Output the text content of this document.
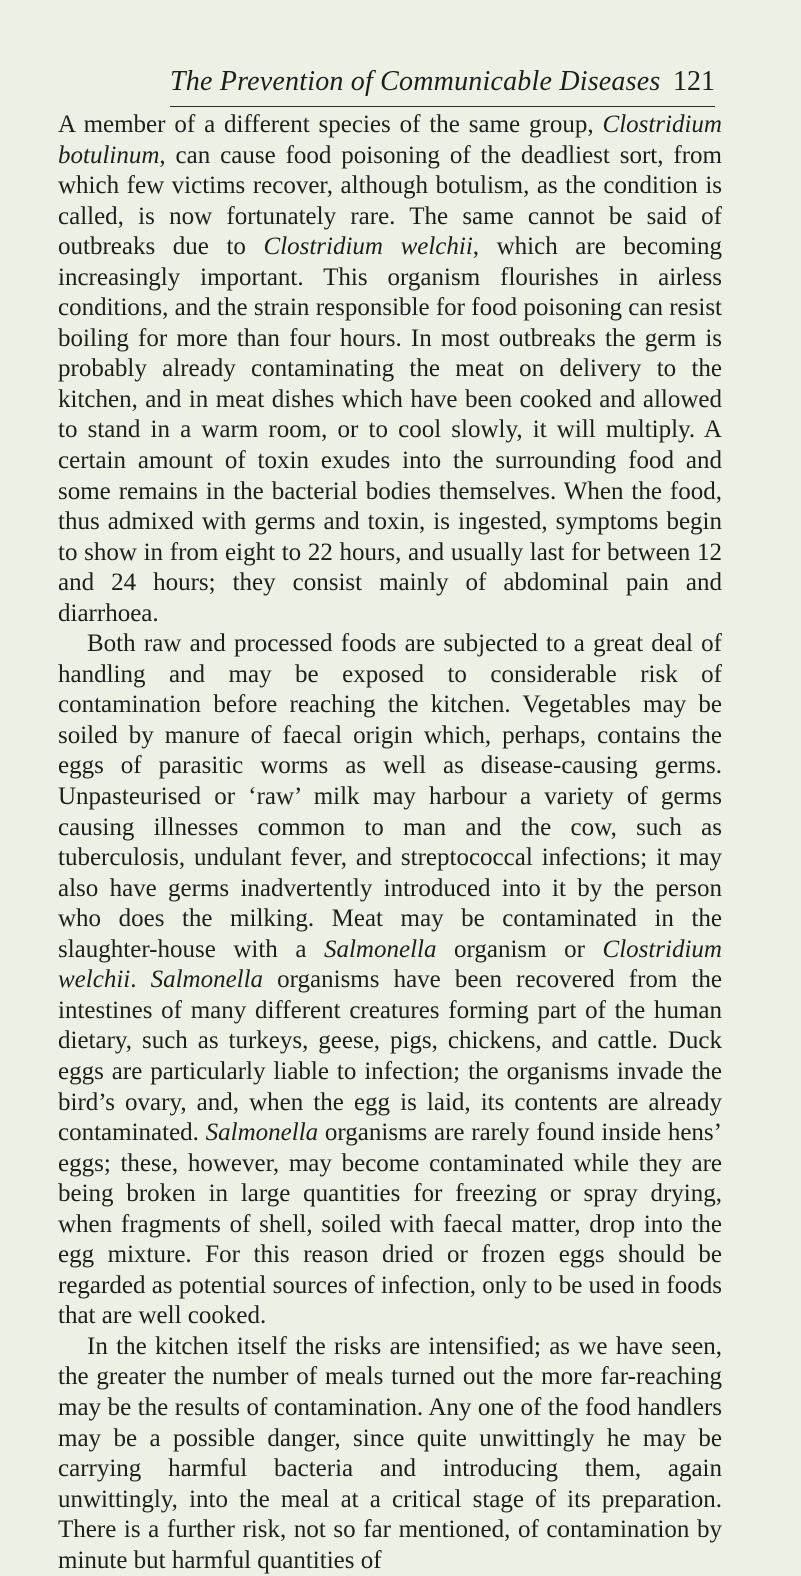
The Prevention of Communicable Diseases 121

A member of a different species of the same group, Clostridium botulinum, can cause food poisoning of the deadliest sort, from which few victims recover, although botulism, as the condition is called, is now fortunately rare. The same cannot be said of outbreaks due to Clostridium welchii, which are becoming increasingly important. This organism flourishes in airless conditions, and the strain responsible for food poisoning can resist boiling for more than four hours. In most outbreaks the germ is probably already contaminating the meat on delivery to the kitchen, and in meat dishes which have been cooked and allowed to stand in a warm room, or to cool slowly, it will multiply. A certain amount of toxin exudes into the surrounding food and some remains in the bacterial bodies themselves. When the food, thus admixed with germs and toxin, is ingested, symptoms begin to show in from eight to 22 hours, and usually last for between 12 and 24 hours; they consist mainly of abdominal pain and diarrhoea.

Both raw and processed foods are subjected to a great deal of handling and may be exposed to considerable risk of contamination before reaching the kitchen. Vegetables may be soiled by manure of faecal origin which, perhaps, contains the eggs of parasitic worms as well as disease-causing germs. Unpasteurised or ‘raw’ milk may harbour a variety of germs causing illnesses common to man and the cow, such as tuberculosis, undulant fever, and streptococcal infections; it may also have germs inadvertently introduced into it by the person who does the milking. Meat may be contaminated in the slaughter-house with a Salmonella organism or Clostridium welchii. Salmonella organisms have been recovered from the intestines of many different creatures forming part of the human dietary, such as turkeys, geese, pigs, chickens, and cattle. Duck eggs are particularly liable to infection; the organisms invade the bird’s ovary, and, when the egg is laid, its contents are already contaminated. Salmonella organisms are rarely found inside hens’ eggs; these, however, may become contaminated while they are being broken in large quantities for freezing or spray drying, when fragments of shell, soiled with faecal matter, drop into the egg mixture. For this reason dried or frozen eggs should be regarded as potential sources of infection, only to be used in foods that are well cooked.

In the kitchen itself the risks are intensified; as we have seen, the greater the number of meals turned out the more far-reaching may be the results of contamination. Any one of the food handlers may be a possible danger, since quite unwittingly he may be carrying harmful bacteria and introducing them, again unwittingly, into the meal at a critical stage of its preparation. There is a further risk, not so far mentioned, of contamination by minute but harmful quantities of
